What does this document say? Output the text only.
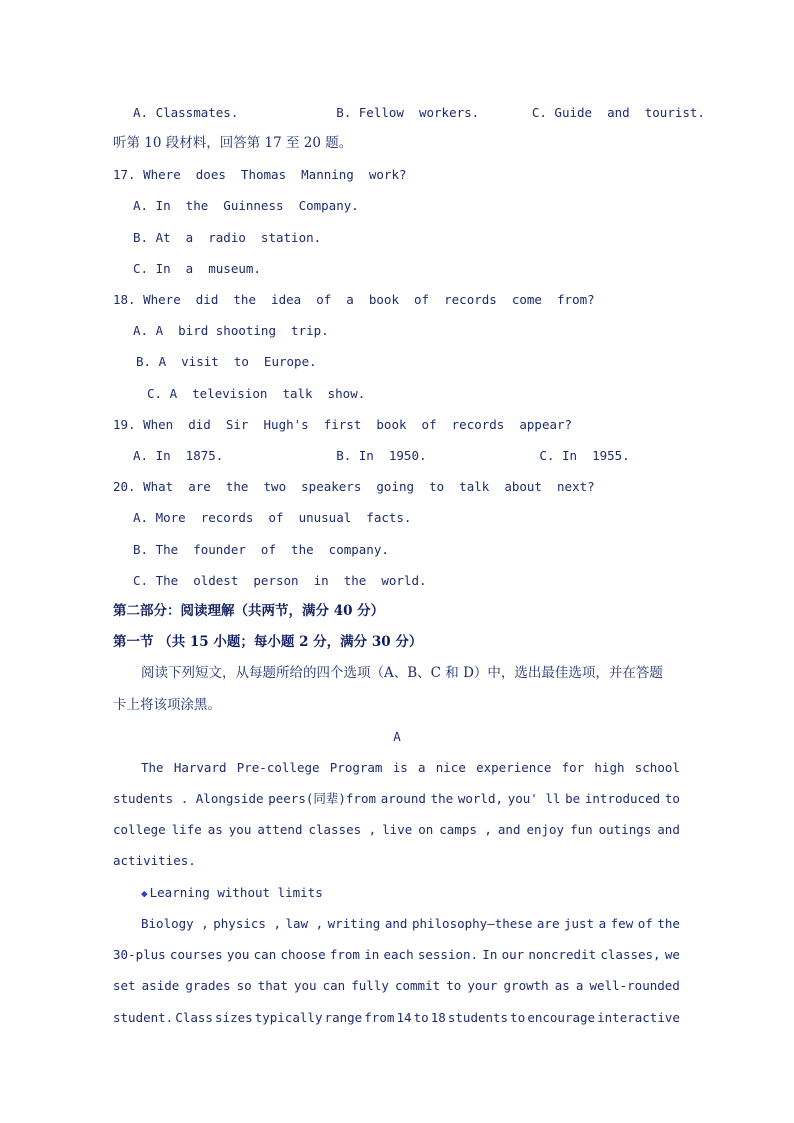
A. Classmates.             B. Fellow  workers.       C. Guide  and  tourist.
听第 10 段材料，回答第 17 至 20 题。
17. Where  does  Thomas  Manning  work?
A. In  the  Guinness  Company.
B. At  a  radio  station.
C. In  a  museum.
18. Where  did  the  idea  of  a  book  of  records  come  from?
A. A  bird shooting  trip.
B. A  visit  to  Europe.
C. A  television  talk  show.
19. When  did  Sir  Hugh's  first  book  of  records  appear?
A. In  1875.               B. In  1950.               C. In  1955.
20. What  are  the  two  speakers  going  to  talk  about  next?
A. More  records  of  unusual  facts.
B. The  founder  of  the  company.
C. The  oldest  person  in  the  world.
第二部分：阅读理解（共两节，满分 40 分）
第一节 （共 15 小题；每小题 2 分，满分 30 分）
阅读下列短文，从每题所给的四个选项（A、B、C 和 D）中，选出最佳选项，并在答题
卡上将该项涂黑。
A
The Harvard Pre-college Program is a nice experience for high school
students . Alongside peers(同辈)from around the world, you' ll be introduced to
college life as you attend classes , live on camps , and enjoy fun outings and
activities.
◆ Learning without limits
Biology , physics , law , writing and philosophy—these are just a few of the
30-plus courses you can choose from in each session. In our noncredit classes, we
set aside grades so that you can fully commit to your growth as a well-rounded
student. Class sizes typically range from 14 to 18 students to encourage interactive
